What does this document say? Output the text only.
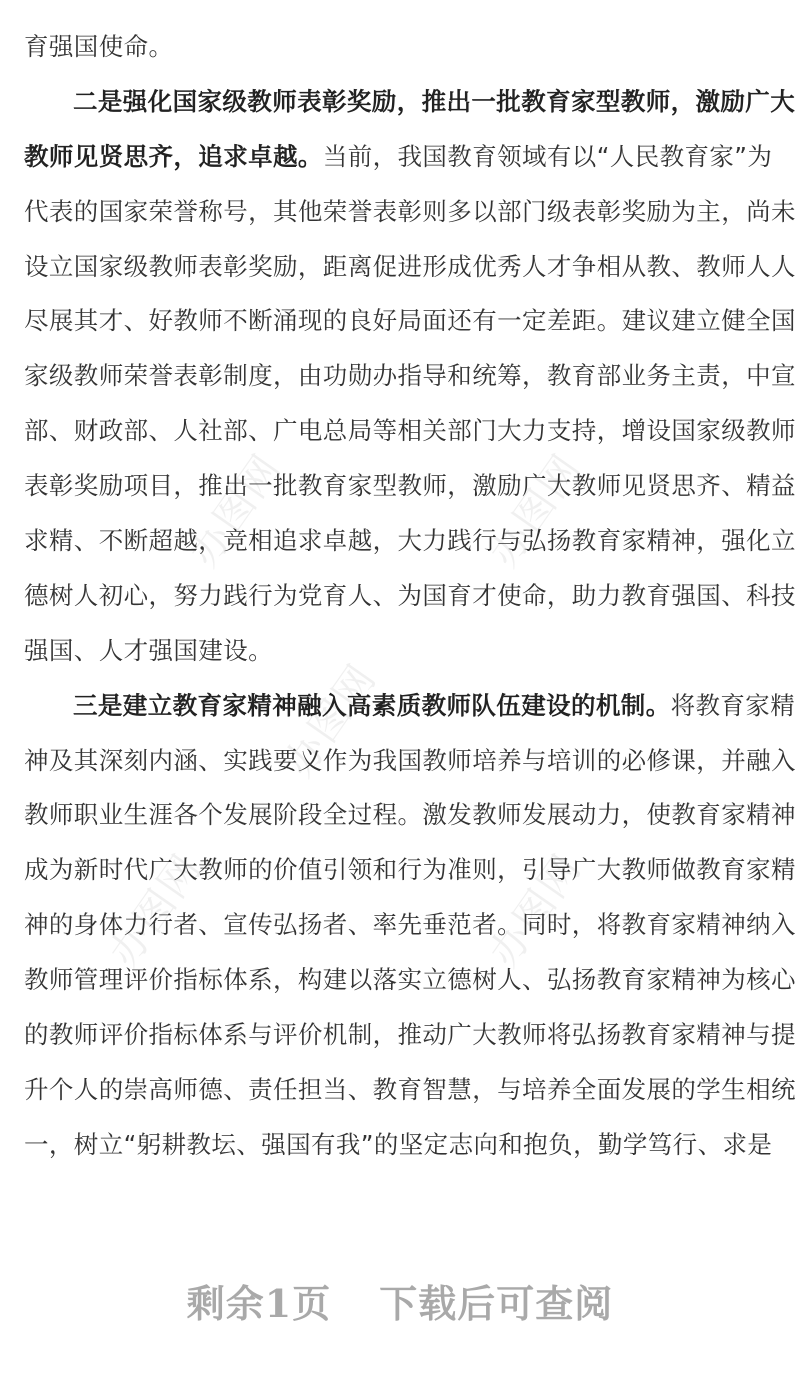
办图网	办图网
办图网
办图网	办图网
育强国使命。
二是强化国家级教师表彰奖励，推出一批教育家型教师，激励广大
教师见贤思齐，追求卓越。当前，我国教育领域有以“人民教育家”为
代表的国家荣誉称号，其他荣誉表彰则多以部门级表彰奖励为主，尚未
设立国家级教师表彰奖励，距离促进形成优秀人才争相从教、教师人人
尽展其才、好教师不断涌现的良好局面还有一定差距。建议建立健全国
家级教师荣誉表彰制度，由功勋办指导和统筹，教育部业务主责，中宣
部、财政部、人社部、广电总局等相关部门大力支持，增设国家级教师
表彰奖励项目，推出一批教育家型教师，激励广大教师见贤思齐、精益
求精、不断超越，竞相追求卓越，大力践行与弘扬教育家精神，强化立
德树人初心，努力践行为党育人、为国育才使命，助力教育强国、科技
强国、人才强国建设。
三是建立教育家精神融入高素质教师队伍建设的机制。将教育家精
神及其深刻内涵、实践要义作为我国教师培养与培训的必修课，并融入
教师职业生涯各个发展阶段全过程。激发教师发展动力，使教育家精神
成为新时代广大教师的价值引领和行为准则，引导广大教师做教育家精
神的身体力行者、宣传弘扬者、率先垂范者。同时，将教育家精神纳入
教师管理评价指标体系，构建以落实立德树人、弘扬教育家精神为核心
的教师评价指标体系与评价机制，推动广大教师将弘扬教育家精神与提
升个人的崇高师德、责任担当、教育智慧，与培养全面发展的学生相统
一，树立“躬耕教坛、强国有我”的坚定志向和抱负，勤学笃行、求是
剩余1页 下载后可查阅
